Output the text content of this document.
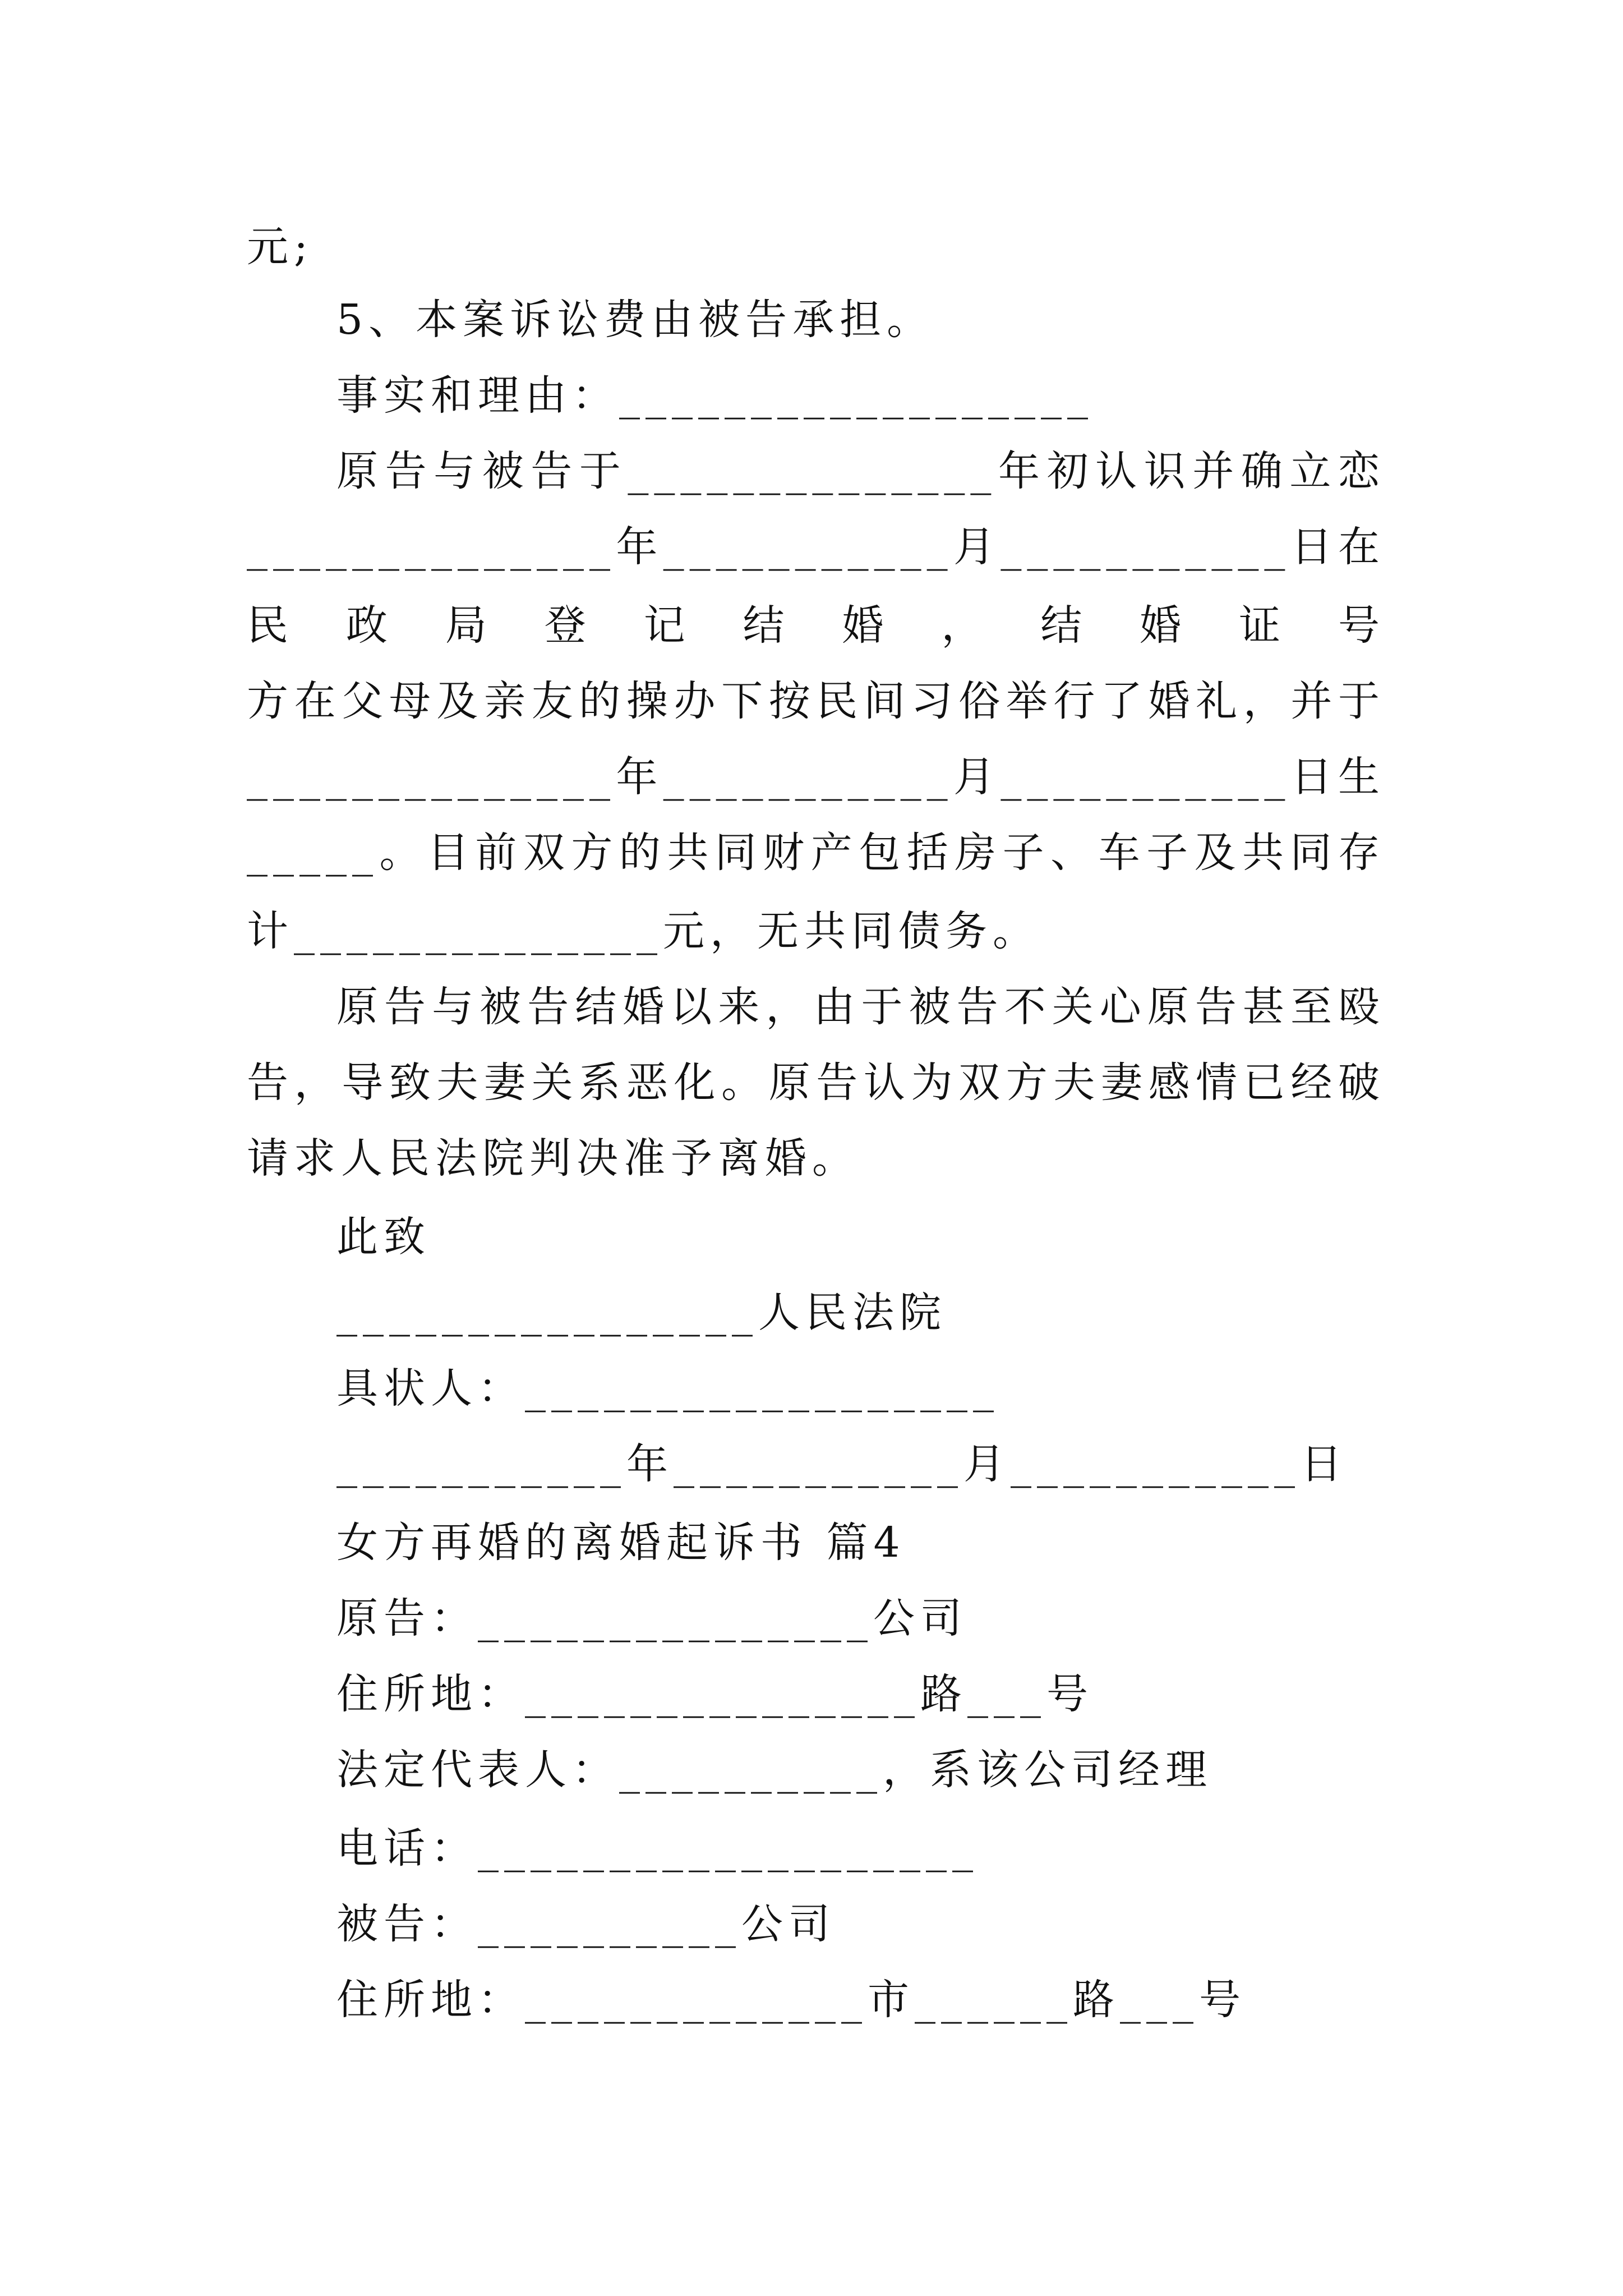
元;
5、本案诉讼费由被告承担。
事实和理由：__________________
原告与被告于______________年初认识并确立恋
______________年___________月___________日在
民政局登记结婚，结婚证号
方在父母及亲友的操办下按民间习俗举行了婚礼，并于
______________年___________月___________日生
_____。目前双方的共同财产包括房子、车子及共同存
计______________元，无共同债务。
原告与被告结婚以来，由于被告不关心原告甚至殴
告，导致夫妻关系恶化。原告认为双方夫妻感情已经破
请求人民法院判决准予离婚。
此致
________________人民法院
具状人：__________________
___________年___________月___________日
女方再婚的离婚起诉书 篇4
原告：_______________公司
住所地：_______________路___号
法定代表人：__________，系该公司经理
电话：___________________
被告：__________公司
住所地：_____________市______路___号
